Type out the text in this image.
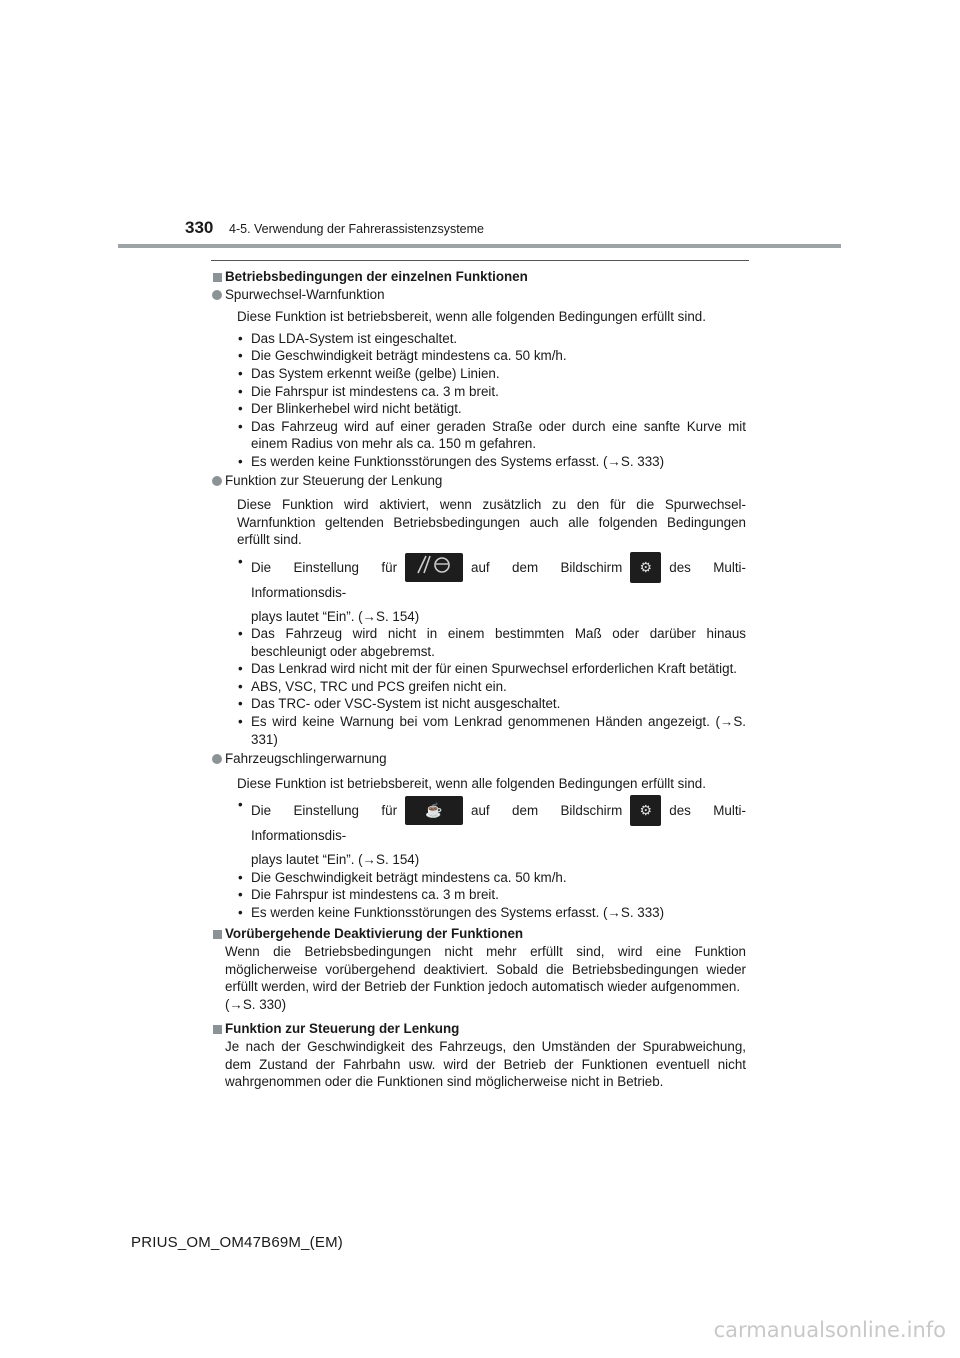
330 4-5. Verwendung der Fahrerassistenzsysteme

Betriebsbedingungen der einzelnen Funktionen

Spurwechsel-Warnfunktion

Diese Funktion ist betriebsbereit, wenn alle folgenden Bedingungen erfüllt sind.

• Das LDA-System ist eingeschaltet.
• Die Geschwindigkeit beträgt mindestens ca. 50 km/h.
• Das System erkennt weiße (gelbe) Linien.
• Die Fahrspur ist mindestens ca. 3 m breit.
• Der Blinkerhebel wird nicht betätigt.
• Das Fahrzeug wird auf einer geraden Straße oder durch eine sanfte Kurve mit einem Radius von mehr als ca. 150 m gefahren.
• Es werden keine Funktionsstörungen des Systems erfasst. (→S. 333)

Funktion zur Steuerung der Lenkung

Diese Funktion wird aktiviert, wenn zusätzlich zu den für die Spurwechsel-Warnfunktion geltenden Betriebsbedingungen auch alle folgenden Bedingungen erfüllt sind.

• Die Einstellung für	auf dem Bildschirm ⚙ des Multi-Informationsdis-
plays lautet “Ein”. (→S. 154)
• Das Fahrzeug wird nicht in einem bestimmten Maß oder darüber hinaus beschleunigt oder abgebremst.
• Das Lenkrad wird nicht mit der für einen Spurwechsel erforderlichen Kraft betätigt.
• ABS, VSC, TRC und PCS greifen nicht ein.
• Das TRC- oder VSC-System ist nicht ausgeschaltet.
• Es wird keine Warnung bei vom Lenkrad genommenen Händen angezeigt. (→S. 331)

Fahrzeugschlingerwarnung

Diese Funktion ist betriebsbereit, wenn alle folgenden Bedingungen erfüllt sind.

• Die Einstellung für ☕ auf dem Bildschirm ⚙ des Multi-Informationsdis-
plays lautet “Ein”. (→S. 154)
• Die Geschwindigkeit beträgt mindestens ca. 50 km/h.
• Die Fahrspur ist mindestens ca. 3 m breit.
• Es werden keine Funktionsstörungen des Systems erfasst. (→S. 333)

Vorübergehende Deaktivierung der Funktionen

Wenn die Betriebsbedingungen nicht mehr erfüllt sind, wird eine Funktion möglicherweise vorübergehend deaktiviert. Sobald die Betriebsbedingungen wieder erfüllt werden, wird der Betrieb der Funktion jedoch automatisch wieder aufgenommen.

(→S. 330)

Funktion zur Steuerung der Lenkung

Je nach der Geschwindigkeit des Fahrzeugs, den Umständen der Spurabweichung, dem Zustand der Fahrbahn usw. wird der Betrieb der Funktionen eventuell nicht wahrgenommen oder die Funktionen sind möglicherweise nicht in Betrieb.

PRIUS_OM_OM47B69M_(EM)
carmanualsonline.info
